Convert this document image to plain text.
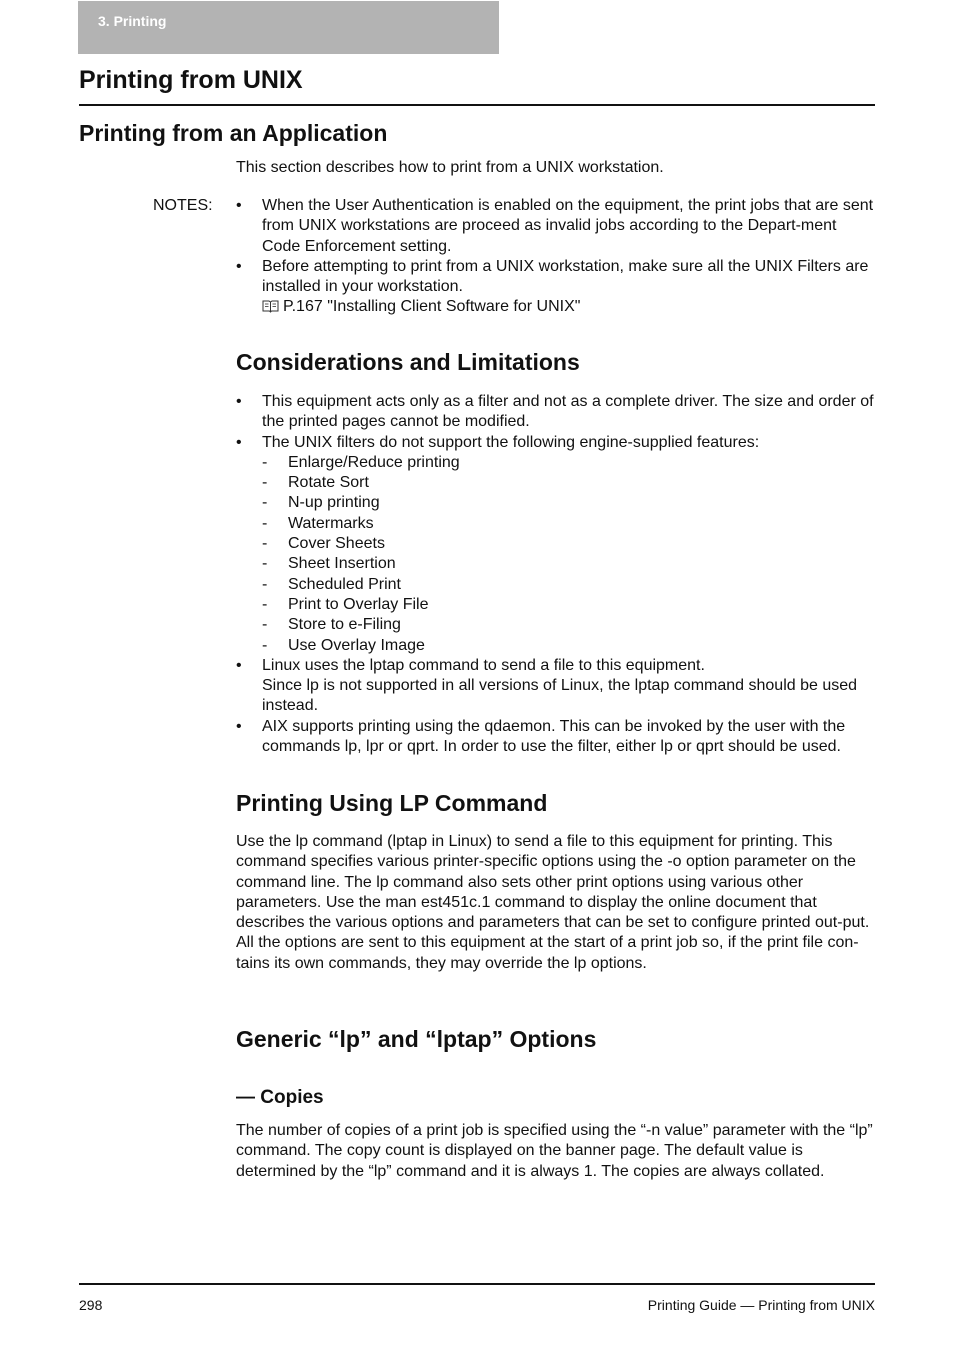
3. Printing
Printing from UNIX
Printing from an Application

This section describes how to print from a UNIX workstation.

NOTES: • When the User Authentication is enabled on the equipment, the print jobs that are sent from UNIX workstations are proceed as invalid jobs according to the Depart-ment Code Enforcement setting.
• Before attempting to print from a UNIX workstation, make sure all the UNIX Filters are installed in your workstation.
P.167 "Installing Client Software for UNIX"
Considerations and Limitations
• This equipment acts only as a filter and not as a complete driver. The size and order of the printed pages cannot be modified.
• The UNIX filters do not support the following engine-supplied features:
- Enlarge/Reduce printing
- Rotate Sort
- N-up printing
- Watermarks
- Cover Sheets
- Sheet Insertion
- Scheduled Print
- Print to Overlay File
- Store to e-Filing
- Use Overlay Image
• Linux uses the lptap command to send a file to this equipment.
Since lp is not supported in all versions of Linux, the lptap command should be used instead.
• AIX supports printing using the qdaemon. This can be invoked by the user with the commands lp, lpr or qprt. In order to use the filter, either lp or qprt should be used.
Printing Using LP Command

Use the lp command (lptap in Linux) to send a file to this equipment for printing. This command specifies various printer-specific options using the -o option parameter on the command line. The lp command also sets other print options using various other parameters. Use the man est451c.1 command to display the online document that describes the various options and parameters that can be set to configure printed out-put.
All the options are sent to this equipment at the start of a print job so, if the print file con-tains its own commands, they may override the lp options.

Generic “lp” and “lptap” Options
— Copies

The number of copies of a print job is specified using the “-n value” parameter with the “lp” command. The copy count is displayed on the banner page. The default value is determined by the “lp” command and it is always 1. The copies are always collated.

298	Printing Guide — Printing from UNIX
